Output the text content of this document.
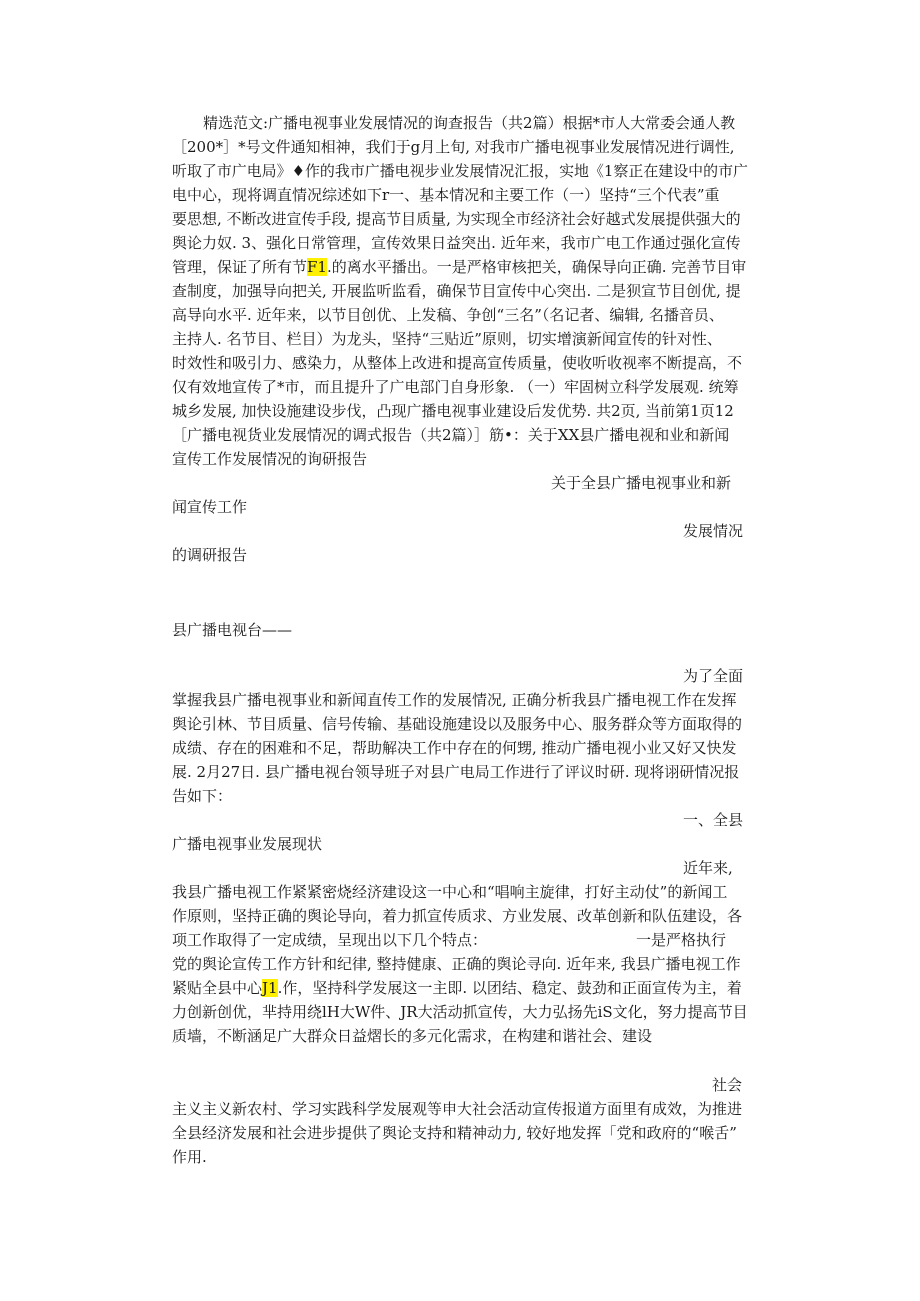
精选范文:广播电视事业发展情况的询查报告（共2篇）根据*市人大常委会通人教
［200*］*号文件通知相神，我们于g月上旬, 对我市广播电视事业发展情况进行调性,
听取了市广电局》♦作的我市广播电视步业发展情况汇报，实地《1察正在建设中的市广
电中心，现将调直情况综述如下r一、基本情况和主要工作（一）坚持“三个代表”重
要思想, 不断改进宣传手段, 提高节目质量, 为实现全市经济社会好越式发展提供强大的
舆论力奴. 3、强化日常管理，宣传效果日益突出. 近年来，我市广电工作通过强化宣传
管理，保证了所有节F1.的离水平播出。一是严格审核把关，确保导向正确. 完善节目审
查制度，加强导向把关, 开展监听监看，确保节目宣传中心突出. 二是狈宣节目创优, 提
高导向水平. 近年来，以节目创优、上发稿、争创“三名”（名记者、编辑, 名播音员、
主持人. 名节目、栏目）为龙头，坚持“三贴近”原则，切实增演新闻宣传的针对性、
时效性和吸引力、感染力，从整体上改进和提高宣传质量，使收听收视率不断提高，不
仅有效地宣传了*市，而且提升了广电部门自身形象. （一）牢固树立科学发展观. 统筹
城乡发展, 加快设施建设步伐，凸现广播电视事业建设后发优势. 共2页, 当前第1页12
［广播电视货业发展情况的调式报告（共2篇）］筋•：关于XX县广播电视和业和新闻
宣传工作发展情况的询研报告
关于全县广播电视事业和新
闻宣传工作
发展情况
的调研报告
县广播电视台——
为了全面
掌握我县广播电视事业和新闻直传工作的发展情况, 正确分析我县广播电视工作在发挥
舆论引林、节目质量、信号传输、基础设施建设以及服务中心、服务群众等方面取得的
成绩、存在的困难和不足，帮助解决工作中存在的何甥, 推动广播电视小业又好又快发
展. 2月27日. 县广播电视台领导班子对县广电局工作进行了评议时研. 现将诩研情况报
告如下：
一、全县
广播电视事业发展现状
近年来,
我县广播电视工作紧紧密烧经济建设这一中心和“唱响主旋律，打好主动仗”的新闻工
作原则，坚持正确的舆论导向，着力抓宣传质求、方业发展、改革创新和队伍建设，各
项工作取得了一定成绩，呈现出以下几个特点：	一是严格执行
党的舆论宣传工作方针和纪律, 整持健康、正确的舆论寻向. 近年来, 我县广播电视工作
紧贴全县中心J1.作，坚持科学发展这一主即. 以团结、稳定、鼓劲和正面宣传为主，着
力创新创优，芈持用绕lH大W件、JR大活动抓宣传，大力弘扬先iS文化，努力提高节目
质墙，不断涵足广大群众日益熠长的多元化需求，在构建和谐社会、建设
社会
主义主义新农村、学习实践科学发展观等申大社会活动宣传报道方面里有成效，为推进
全县经济发展和社会进步提供了舆论支持和精神动力, 较好地发挥「党和政府的“喉舌”
作用.
